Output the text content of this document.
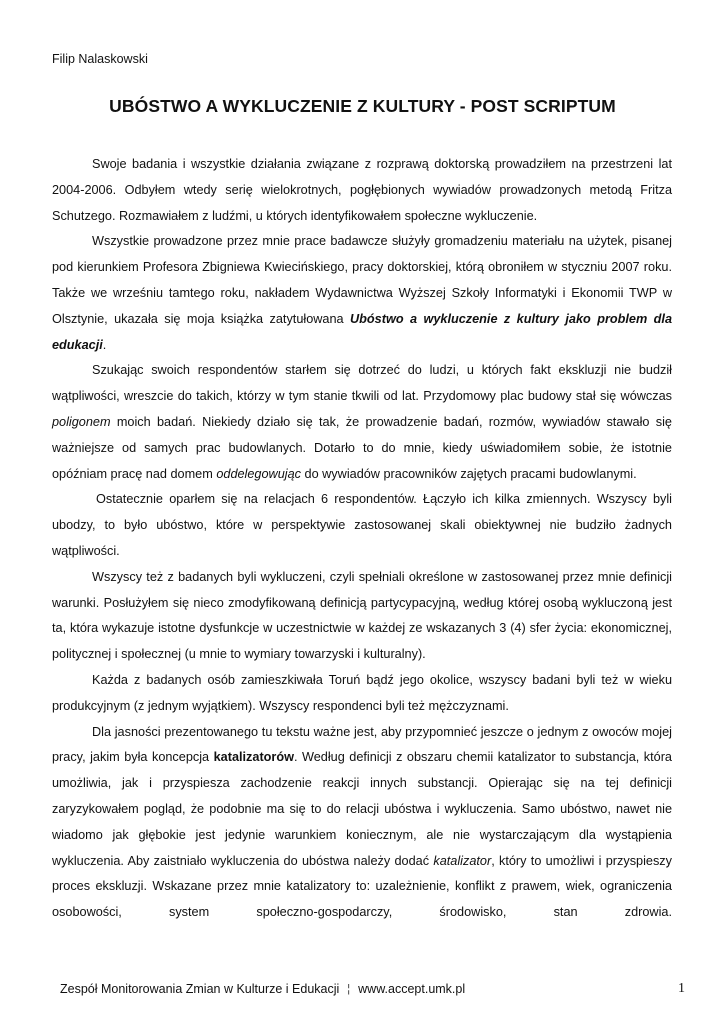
Filip Nalaskowski
UBÓSTWO A WYKLUCZENIE Z KULTURY - POST SCRIPTUM

Swoje badania i wszystkie działania związane z rozprawą doktorską prowadziłem na przestrzeni lat 2004-2006. Odbyłem wtedy serię wielokrotnych, pogłębionych wywiadów prowadzonych metodą Fritza Schutzego. Rozmawiałem z ludźmi, u których identyfikowałem społeczne wykluczenie.

Wszystkie prowadzone przez mnie prace badawcze służyły gromadzeniu materiału na użytek, pisanej pod kierunkiem Profesora Zbigniewa Kwiecińskiego, pracy doktorskiej, którą obroniłem w styczniu 2007 roku. Także we wrześniu tamtego roku, nakładem Wydawnictwa Wyższej Szkoły Informatyki i Ekonomii TWP w Olsztynie, ukazała się moja książka zatytułowana Ubóstwo a wykluczenie z kultury jako problem dla edukacji.

Szukając swoich respondentów starłem się dotrzeć do ludzi, u których fakt ekskluzji nie budził wątpliwości, wreszcie do takich, którzy w tym stanie tkwili od lat. Przydomowy plac budowy stał się wówczas poligonem moich badań. Niekiedy działo się tak, że prowadzenie badań, rozmów, wywiadów stawało się ważniejsze od samych prac budowlanych. Dotarło to do mnie, kiedy uświadomiłem sobie, że istotnie opóźniam pracę nad domem oddelegowując do wywiadów pracowników zajętych pracami budowlanymi.

Ostatecznie oparłem się na relacjach 6 respondentów. Łączyło ich kilka zmiennych. Wszyscy byli ubodzy, to było ubóstwo, które w perspektywie zastosowanej skali obiektywnej nie budziło żadnych wątpliwości.

Wszyscy też z badanych byli wykluczeni, czyli spełniali określone w zastosowanej przez mnie definicji warunki. Posłużyłem się nieco zmodyfikowaną definicją partycypacyjną, według której osobą wykluczoną jest ta, która wykazuje istotne dysfunkcje w uczestnictwie w każdej ze wskazanych 3 (4) sfer życia: ekonomicznej, politycznej i społecznej (u mnie to wymiary towarzyski i kulturalny).

Każda z badanych osób zamieszkiwała Toruń bądź jego okolice, wszyscy badani byli też w wieku produkcyjnym (z jednym wyjątkiem). Wszyscy respondenci byli też mężczyznami.

Dla jasności prezentowanego tu tekstu ważne jest, aby przypomnieć jeszcze o jednym z owoców mojej pracy, jakim była koncepcja katalizatorów. Według definicji z obszaru chemii katalizator to substancja, która umożliwia, jak i przyspiesza zachodzenie reakcji innych substancji. Opierając się na tej definicji zaryzykowałem pogląd, że podobnie ma się to do relacji ubóstwa i wykluczenia. Samo ubóstwo, nawet nie wiadomo jak głębokie jest jedynie warunkiem koniecznym, ale nie wystarczającym dla wystąpienia wykluczenia. Aby zaistniało wykluczenia do ubóstwa należy dodać katalizator, który to umożliwi i przyspieszy proces ekskluzji. Wskazane przez mnie katalizatory to: uzależnienie, konflikt z prawem, wiek, ograniczenia osobowości, system społeczno-gospodarczy, środowisko, stan zdrowia.

Zespół Monitorowania Zmian w Kulturze i Edukacji ¦ www.accept.umk.pl	1
